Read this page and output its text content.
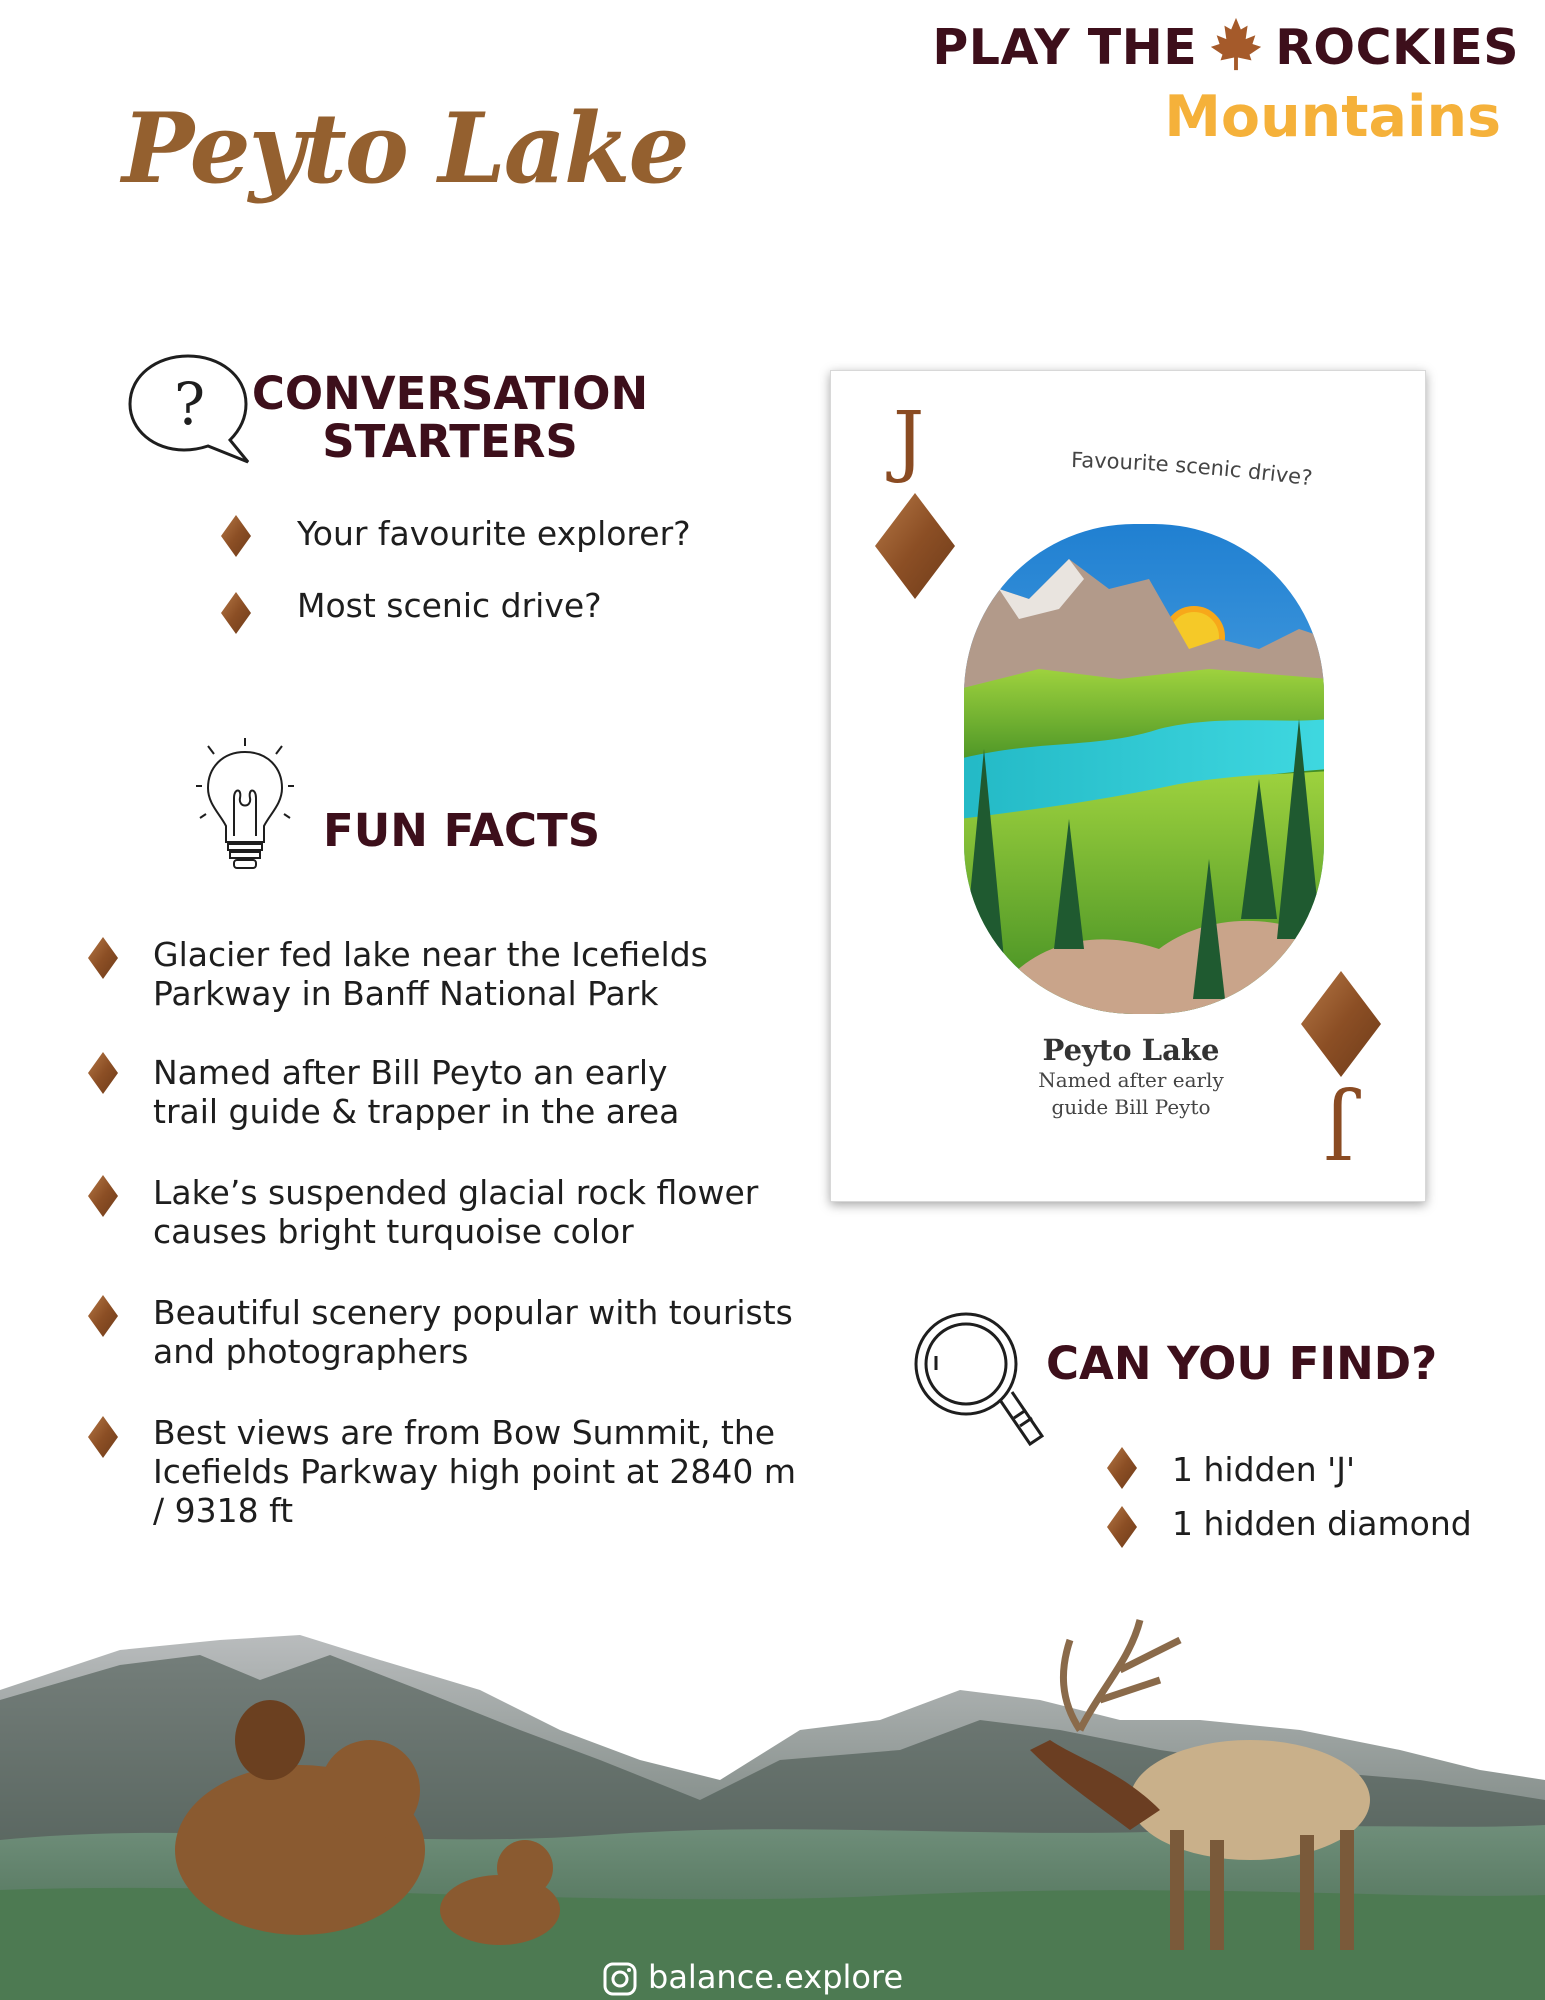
PLAY THE ROCKIES
Mountains
Peyto Lake
? CONVERSATION
STARTERS
Your favourite explorer?
Most scenic drive?
FUN FACTS
Glacier fed lake near the Icefields
Parkway in Banff National Park
Named after Bill Peyto an early
trail guide & trapper in the area
Lake’s suspended glacial rock flower
causes bright turquoise color
Beautiful scenery popular with tourists
and photographers
Best views are from Bow Summit, the
Icefields Parkway high point at 2840 m
/ 9318 ft
J	Favourite scenic drive?
J
Peyto Lake
Named after early
guide Bill Peyto
CAN YOU FIND?
1 hidden 'J'
1 hidden diamond
balance.explore
